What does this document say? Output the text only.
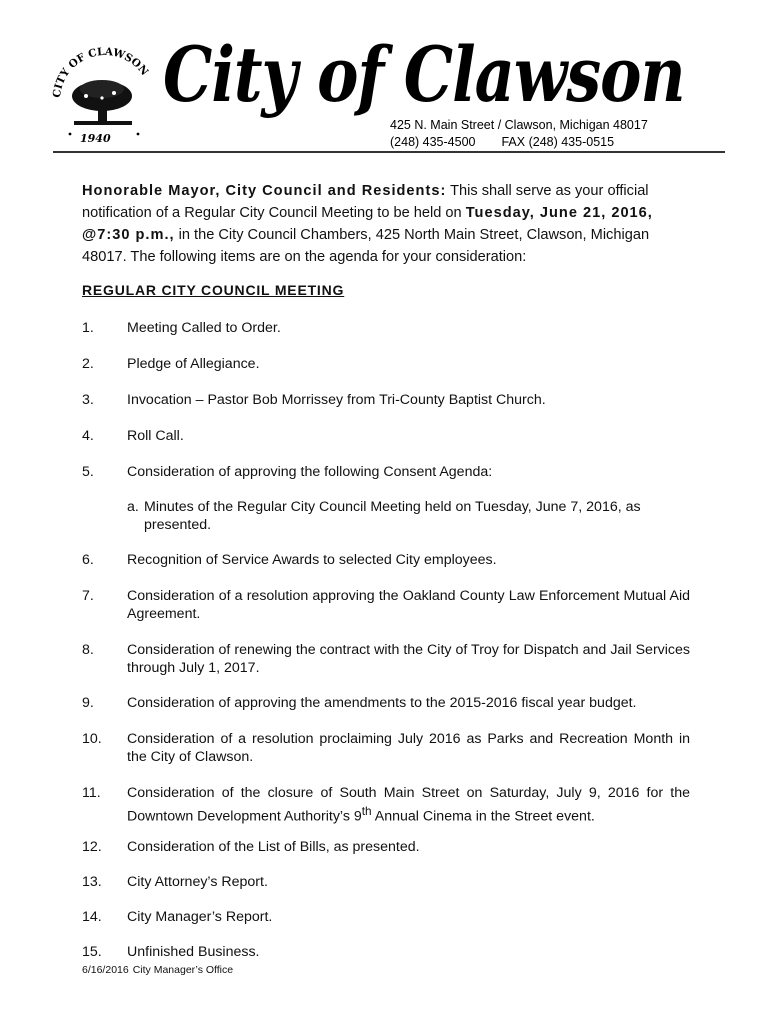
CITY OF CLAWSON
1940
City of Clawson
425 N. Main Street / Clawson, Michigan 48017
(248) 435-4500 FAX (248) 435-0515
Honorable Mayor, City Council and Residents: This shall serve as your official notification of a Regular City Council Meeting to be held on Tuesday, June 21, 2016, @7:30 p.m., in the City Council Chambers, 425 North Main Street, Clawson, Michigan 48017. The following items are on the agenda for your consideration:
REGULAR CITY COUNCIL MEETING
1.	Meeting Called to Order.
2.	Pledge of Allegiance.
3.	Invocation – Pastor Bob Morrissey from Tri-County Baptist Church.
4.	Roll Call.
5.	Consideration of approving the following Consent Agenda:
a. Minutes of the Regular City Council Meeting held on Tuesday, June 7, 2016, as presented.
6.	Recognition of Service Awards to selected City employees.
7.	Consideration of a resolution approving the Oakland County Law Enforcement Mutual Aid Agreement.
8.	Consideration of renewing the contract with the City of Troy for Dispatch and Jail Services through July 1, 2017.
9.	Consideration of approving the amendments to the 2015-2016 fiscal year budget.
10.	Consideration of a resolution proclaiming July 2016 as Parks and Recreation Month in the City of Clawson.
11.	Consideration of the closure of South Main Street on Saturday, July 9, 2016 for the Downtown Development Authority’s 9th Annual Cinema in the Street event.
12.	Consideration of the List of Bills, as presented.
13.	City Attorney’s Report.
14.	City Manager’s Report.
15.	Unfinished Business.
6/16/2016 City Manager’s Office
